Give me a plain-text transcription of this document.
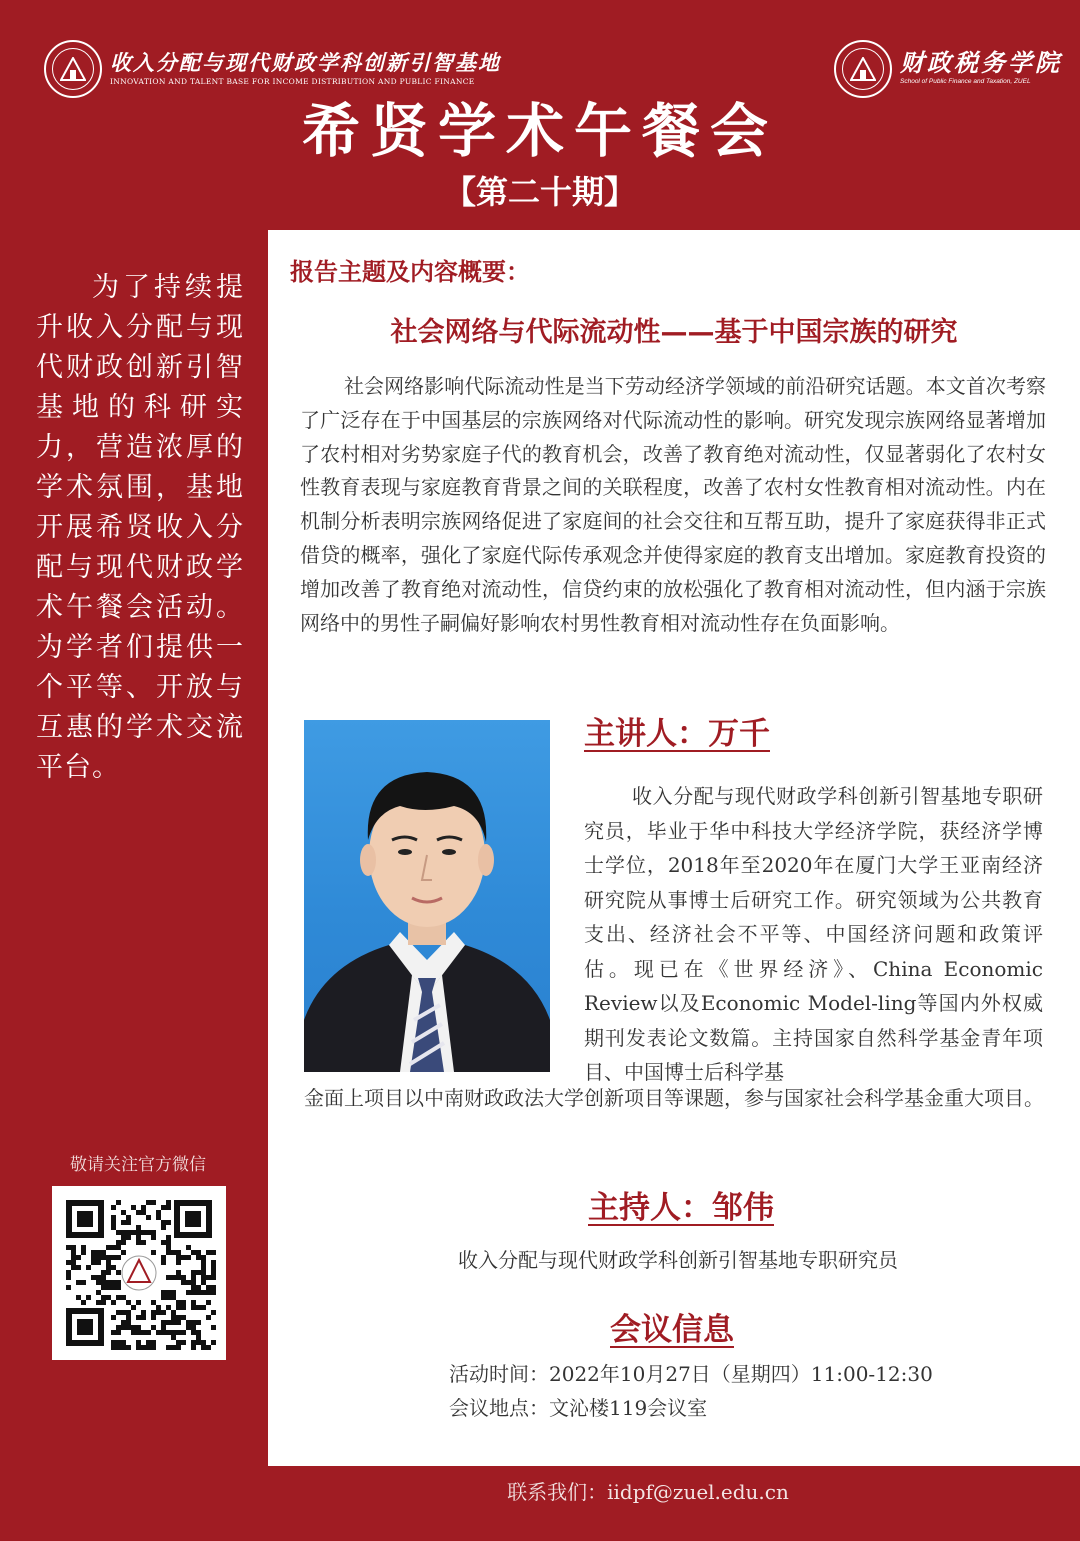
收入分配与现代财政学科创新引智基地
INNOVATION AND TALENT BASE FOR INCOME DISTRIBUTION AND PUBLIC FINANCE
财政税务学院
School of Public Finance and Taxation, ZUEL
希贤学术午餐会
【第二十期】
为了持续提升收入分配与现代财政创新引智基地的科研实力，营造浓厚的学术氛围，基地开展希贤收入分配与现代财政学术午餐会活动。为学者们提供一个平等、开放与互惠的学术交流平台。
敬请关注官方微信
报告主题及内容概要：
社会网络与代际流动性——基于中国宗族的研究
社会网络影响代际流动性是当下劳动经济学领域的前沿研究话题。本文首次考察了广泛存在于中国基层的宗族网络对代际流动性的影响。研究发现宗族网络显著增加了农村相对劣势家庭子代的教育机会，改善了教育绝对流动性，仅显著弱化了农村女性教育表现与家庭教育背景之间的关联程度，改善了农村女性教育相对流动性。内在机制分析表明宗族网络促进了家庭间的社会交往和互帮互助，提升了家庭获得非正式借贷的概率，强化了家庭代际传承观念并使得家庭的教育支出增加。家庭教育投资的增加改善了教育绝对流动性，信贷约束的放松强化了教育相对流动性，但内涵于宗族网络中的男性子嗣偏好影响农村男性教育相对流动性存在负面影响。
主讲人：万千
收入分配与现代财政学科创新引智基地专职研究员，毕业于华中科技大学经济学院，获经济学博士学位，2018年至2020年在厦门大学王亚南经济研究院从事博士后研究工作。研究领域为公共教育支出、经济社会不平等、中国经济问题和政策评估。现已在《世界经济》、China Economic Review以及Economic Model-ling等国内外权威期刊发表论文数篇。主持国家自然科学基金青年项目、中国博士后科学基
金面上项目以中南财政政法大学创新项目等课题，参与国家社会科学基金重大项目。
主持人：邹伟
收入分配与现代财政学科创新引智基地专职研究员
会议信息
活动时间：2022年10月27日（星期四）11:00-12:30
会议地点：文沁楼119会议室
联系我们：iidpf@zuel.edu.cn
